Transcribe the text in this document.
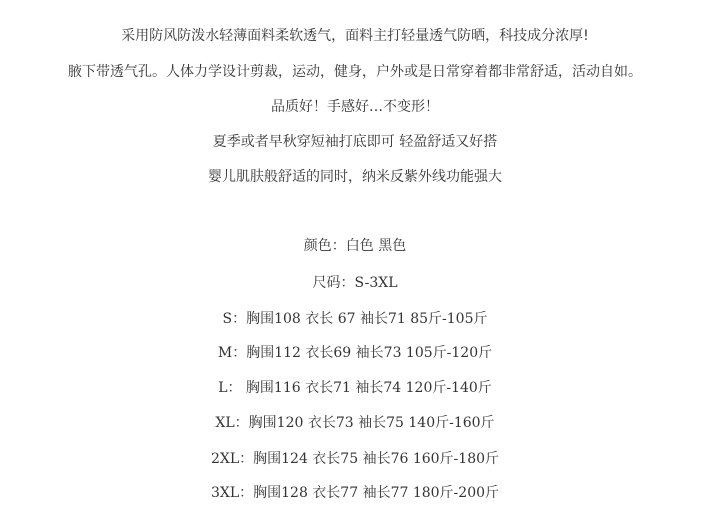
采用防风防泼水轻薄面料柔软透气，面料主打轻量透气防晒，科技成分浓厚!
腋下带透气孔。人体力学设计剪裁，运动，健身，户外或是日常穿着都非常舒适，活动自如。
品质好！手感好…不变形！
夏季或者早秋穿短袖打底即可 轻盈舒适又好搭
婴儿肌肤般舒适的同时，纳米反紫外线功能强大
颜色：白色 黑色
尺码：S-3XL
S：胸围108 衣长 67 袖长71 85斤-105斤
M：胸围112 衣长69 袖长73 105斤-120斤
L： 胸围116 衣长71 袖长74 120斤-140斤
XL：胸围120 衣长73 袖长75 140斤-160斤
2XL：胸围124 衣长75 袖长76 160斤-180斤
3XL：胸围128 衣长77 袖长77 180斤-200斤
